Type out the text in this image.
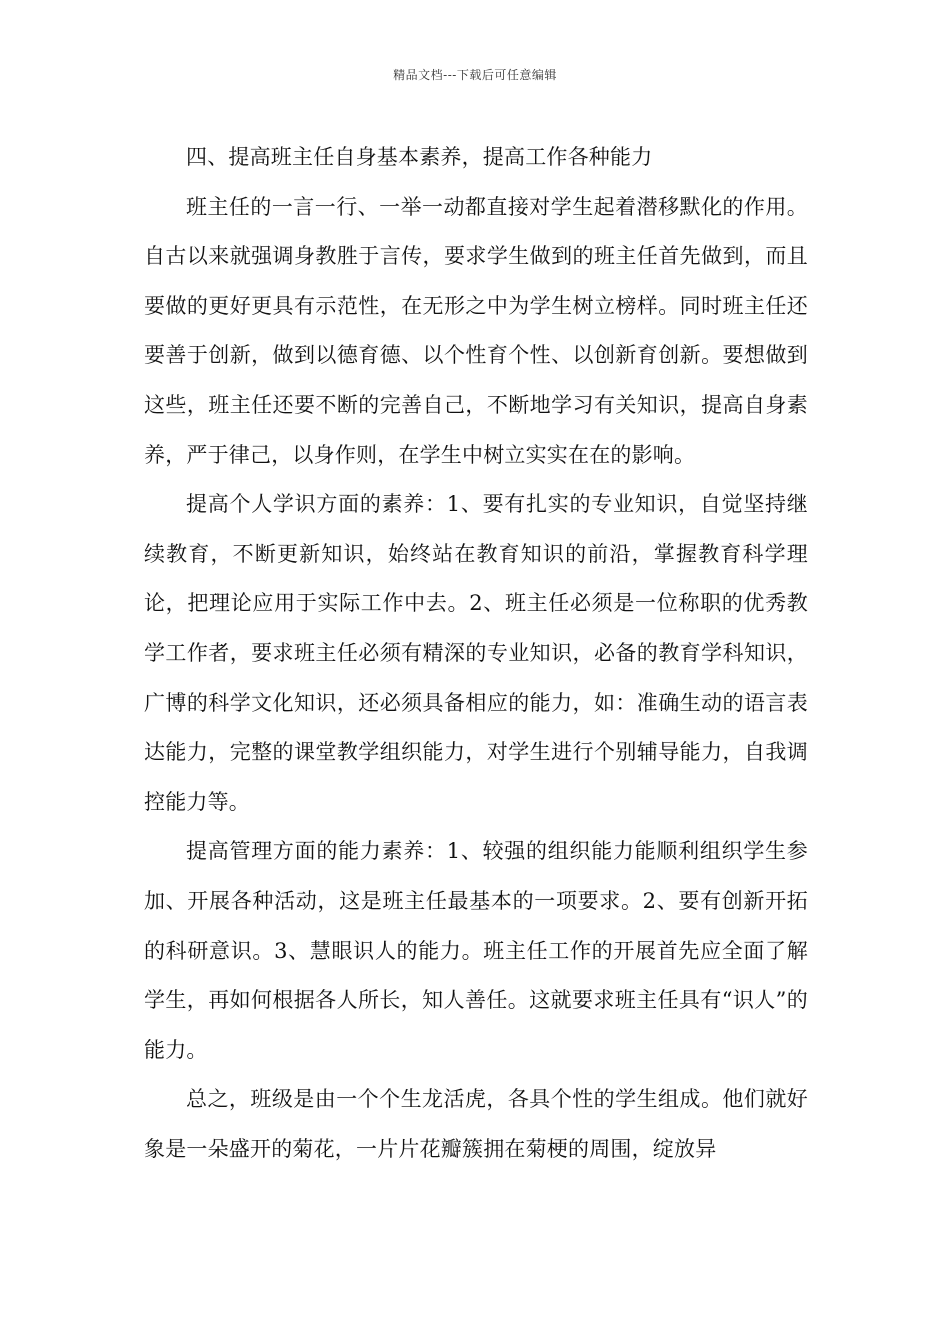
精品文档---下载后可任意编辑

四、提高班主任自身基本素养，提高工作各种能力

班主任的一言一行、一举一动都直接对学生起着潜移默化的作用。自古以来就强调身教胜于言传，要求学生做到的班主任首先做到，而且要做的更好更具有示范性，在无形之中为学生树立榜样。同时班主任还要善于创新，做到以德育德、以个性育个性、以创新育创新。要想做到这些，班主任还要不断的完善自己，不断地学习有关知识，提高自身素养，严于律己，以身作则，在学生中树立实实在在的影响。

提高个人学识方面的素养：1、要有扎实的专业知识，自觉坚持继续教育，不断更新知识，始终站在教育知识的前沿，掌握教育科学理论，把理论应用于实际工作中去。2、班主任必须是一位称职的优秀教学工作者，要求班主任必须有精深的专业知识，必备的教育学科知识，广博的科学文化知识，还必须具备相应的能力，如：准确生动的语言表达能力，完整的课堂教学组织能力，对学生进行个别辅导能力，自我调控能力等。

提高管理方面的能力素养：1、较强的组织能力能顺利组织学生参加、开展各种活动，这是班主任最基本的一项要求。2、要有创新开拓的科研意识。3、慧眼识人的能力。班主任工作的开展首先应全面了解学生，再如何根据各人所长，知人善任。这就要求班主任具有“识人”的能力。

总之，班级是由一个个生龙活虎，各具个性的学生组成。他们就好象是一朵盛开的菊花，一片片花瓣簇拥在菊梗的周围，绽放异
